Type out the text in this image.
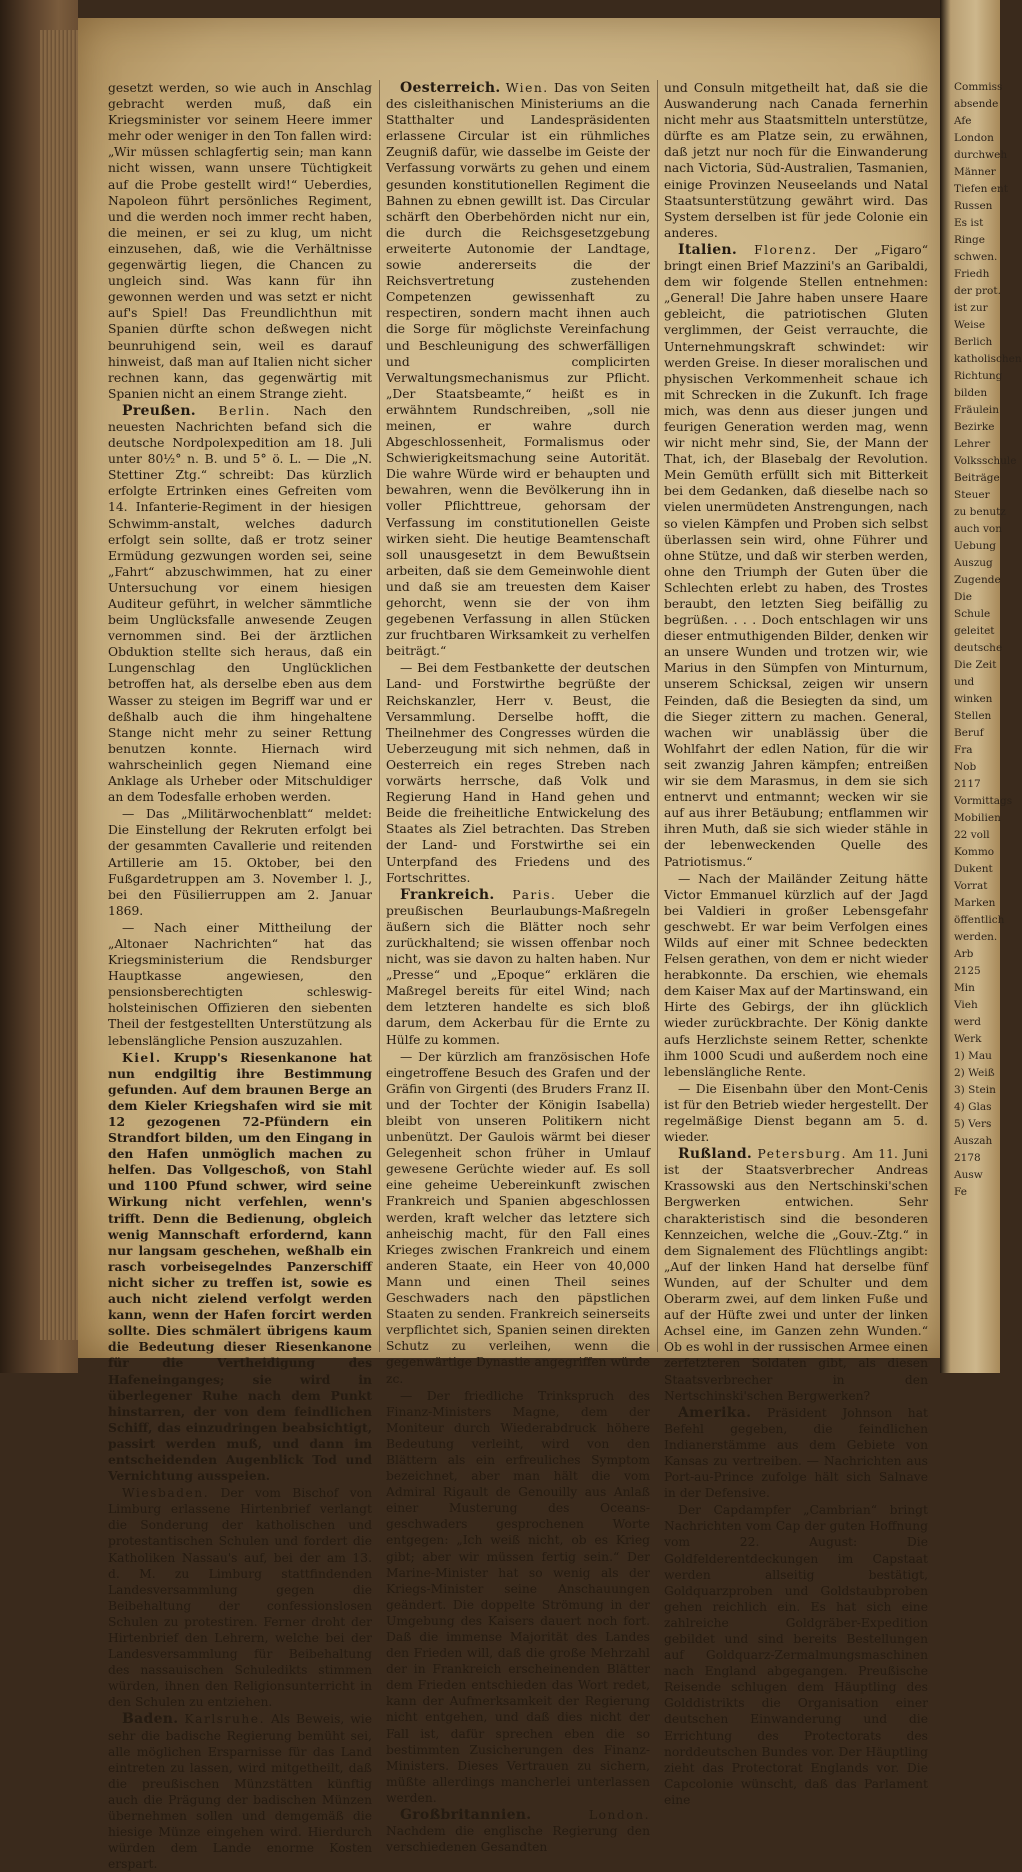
gesetzt werden, so wie auch in Anschlag gebracht werden muß, daß ein Kriegsminister vor seinem Heere immer mehr oder weniger in den Ton fallen wird: „Wir müssen schlagfertig sein; man kann nicht wissen, wann unsere Tüchtigkeit auf die Probe gestellt wird!“ Ueberdies, Napoleon führt persönliches Regiment, und die werden noch immer recht haben, die meinen, er sei zu klug, um nicht einzusehen, daß, wie die Verhältnisse gegenwärtig liegen, die Chancen zu ungleich sind. Was kann für ihn gewonnen werden und was setzt er nicht auf's Spiel! Das Freundlichthun mit Spanien dürfte schon deßwegen nicht beunruhigend sein, weil es darauf hinweist, daß man auf Italien nicht sicher rechnen kann, das gegenwärtig mit Spanien nicht an einem Strange zieht.

Preußen. Berlin. Nach den neuesten Nachrichten befand sich die deutsche Nordpolexpedition am 18. Juli unter 80½° n. B. und 5° ö. L. — Die „N. Stettiner Ztg.“ schreibt: Das kürzlich erfolgte Ertrinken eines Gefreiten vom 14. Infanterie-Regiment in der hiesigen Schwimm-anstalt, welches dadurch erfolgt sein sollte, daß er trotz seiner Ermüdung gezwungen worden sei, seine „Fahrt“ abzuschwimmen, hat zu einer Untersuchung vor einem hiesigen Auditeur geführt, in welcher sämmtliche beim Unglücksfalle anwesende Zeugen vernommen sind. Bei der ärztlichen Obduktion stellte sich heraus, daß ein Lungenschlag den Unglücklichen betroffen hat, als derselbe eben aus dem Wasser zu steigen im Begriff war und er deßhalb auch die ihm hingehaltene Stange nicht mehr zu seiner Rettung benutzen konnte. Hiernach wird wahrscheinlich gegen Niemand eine Anklage als Urheber oder Mitschuldiger an dem Todesfalle erhoben werden.

— Das „Militärwochenblatt“ meldet: Die Einstellung der Rekruten erfolgt bei der gesammten Cavallerie und reitenden Artillerie am 15. Oktober, bei den Fußgardetruppen am 3. November l. J., bei den Füsilierruppen am 2. Januar 1869.

— Nach einer Mittheilung der „Altonaer Nachrichten“ hat das Kriegsministerium die Rendsburger Hauptkasse angewiesen, den pensionsberechtigten schleswig-holsteinischen Offizieren den siebenten Theil der festgestellten Unterstützung als lebenslängliche Pension auszuzahlen.

Kiel. Krupp's Riesenkanone hat nun endgiltig ihre Bestimmung gefunden. Auf dem braunen Berge an dem Kieler Kriegshafen wird sie mit 12 gezogenen 72-Pfündern ein Strandfort bilden, um den Eingang in den Hafen unmöglich machen zu helfen. Das Vollgeschoß, von Stahl und 1100 Pfund schwer, wird seine Wirkung nicht verfehlen, wenn's trifft. Denn die Bedienung, obgleich wenig Mannschaft erfordernd, kann nur langsam geschehen, weßhalb ein rasch vorbeisegelndes Panzerschiff nicht sicher zu treffen ist, sowie es auch nicht zielend verfolgt werden kann, wenn der Hafen forcirt werden sollte. Dies schmälert übrigens kaum die Bedeutung dieser Riesenkanone für die Vertheidigung des Hafeneinganges; sie wird in überlegener Ruhe nach dem Punkt hinstarren, der von dem feindlichen Schiff, das einzudringen beabsichtigt, passirt werden muß, und dann im entscheidenden Augenblick Tod und Vernichtung ausspeien.

Wiesbaden. Der vom Bischof von Limburg erlassene Hirtenbrief verlangt die Sonderung der katholischen und protestantischen Schulen und fordert die Katholiken Nassau's auf, bei der am 13. d. M. zu Limburg stattfindenden Landesversammlung gegen die Beibehaltung der confessionslosen Schulen zu protestiren. Ferner droht der Hirtenbrief den Lehrern, welche bei der Landesversammlung für Beibehaltung des nassauischen Schuledikts stimmen würden, ihnen den Religionsunterricht in den Schulen zu entziehen.

Baden. Karlsruhe. Als Beweis, wie sehr die badische Regierung bemüht sei, alle möglichen Ersparnisse für das Land eintreten zu lassen, wird mitgetheilt, daß die preußischen Münzstätten künftig auch die Prägung der badischen Münzen übernehmen sollen und demgemäß die hiesige Münze eingehen wird. Hierdurch würden dem Lande enorme Kosten erspart.

Oesterreich. Wien. Das von Seiten des cisleithanischen Ministeriums an die Statthalter und Landespräsidenten erlassene Circular ist ein rühmliches Zeugniß dafür, wie dasselbe im Geiste der Verfassung vorwärts zu gehen und einem gesunden konstitutionellen Regiment die Bahnen zu ebnen gewillt ist. Das Circular schärft den Oberbehörden nicht nur ein, die durch die Reichsgesetzgebung erweiterte Autonomie der Landtage, sowie andererseits die der Reichsvertretung zustehenden Competenzen gewissenhaft zu respectiren, sondern macht ihnen auch die Sorge für möglichste Vereinfachung und Beschleunigung des schwerfälligen und complicirten Verwaltungsmechanismus zur Pflicht. „Der Staatsbeamte,“ heißt es in erwähntem Rundschreiben, „soll nie meinen, er wahre durch Abgeschlossenheit, Formalismus oder Schwierigkeitsmachung seine Autorität. Die wahre Würde wird er behaupten und bewahren, wenn die Bevölkerung ihn in voller Pflichttreue, gehorsam der Verfassung im constitutionellen Geiste wirken sieht. Die heutige Beamtenschaft soll unausgesetzt in dem Bewußtsein arbeiten, daß sie dem Gemeinwohle dient und daß sie am treuesten dem Kaiser gehorcht, wenn sie der von ihm gegebenen Verfassung in allen Stücken zur fruchtbaren Wirksamkeit zu verhelfen beiträgt.“

— Bei dem Festbankette der deutschen Land- und Forstwirthe begrüßte der Reichskanzler, Herr v. Beust, die Versammlung. Derselbe hofft, die Theilnehmer des Congresses würden die Ueberzeugung mit sich nehmen, daß in Oesterreich ein reges Streben nach vorwärts herrsche, daß Volk und Regierung Hand in Hand gehen und Beide die freiheitliche Entwickelung des Staates als Ziel betrachten. Das Streben der Land- und Forstwirthe sei ein Unterpfand des Friedens und des Fortschrittes.

Frankreich. Paris. Ueber die preußischen Beurlaubungs-Maßregeln äußern sich die Blätter noch sehr zurückhaltend; sie wissen offenbar noch nicht, was sie davon zu halten haben. Nur „Presse“ und „Epoque“ erklären die Maßregel bereits für eitel Wind; nach dem letzteren handelte es sich bloß darum, dem Ackerbau für die Ernte zu Hülfe zu kommen.

— Der kürzlich am französischen Hofe eingetroffene Besuch des Grafen und der Gräfin von Girgenti (des Bruders Franz II. und der Tochter der Königin Isabella) bleibt von unseren Politikern nicht unbenützt. Der Gaulois wärmt bei dieser Gelegenheit schon früher in Umlauf gewesene Gerüchte wieder auf. Es soll eine geheime Uebereinkunft zwischen Frankreich und Spanien abgeschlossen werden, kraft welcher das letztere sich anheischig macht, für den Fall eines Krieges zwischen Frankreich und einem anderen Staate, ein Heer von 40,000 Mann und einen Theil seines Geschwaders nach den päpstlichen Staaten zu senden. Frankreich seinerseits verpflichtet sich, Spanien seinen direkten Schutz zu verleihen, wenn die gegenwärtige Dynastie angegriffen würde zc.

— Der friedliche Trinkspruch des Finanz-Ministers Magne, dem der Moniteur durch Wiederabdruck höhere Bedeutung verleiht, wird von den Blättern als ein erfreuliches Symptom bezeichnet, aber man hält die vom Admiral Rigault de Genouilly aus Anlaß einer Musterung des Oceans-geschwaders gesprochenen Worte entgegen: „Ich weiß nicht, ob es Krieg gibt; aber wir müssen fertig sein.“ Der Marine-Minister hat so wenig als der Kriegs-Minister seine Anschauungen geändert. Die doppelte Strömung in der Umgebung des Kaisers dauert noch fort. Daß die immense Majorität des Landes den Frieden will, daß die große Mehrzahl der in Frankreich erscheinenden Blätter dem Frieden entschieden das Wort redet, kann der Aufmerksamkeit der Regierung nicht entgehen, und daß dies nicht der Fall ist, dafür sprechen eben die so bestimmten Zusicherungen des Finanz-Ministers. Dieses Vertrauen zu sichern, müßte allerdings mancherlei unterlassen werden.

Großbritannien.	London. Nachdem die englische Regierung den verschiedenen Gesandten

und Consuln mitgetheilt hat, daß sie die Auswanderung nach Canada fernerhin nicht mehr aus Staatsmitteln unterstütze, dürfte es am Platze sein, zu erwähnen, daß jetzt nur noch für die Einwanderung nach Victoria, Süd-Australien, Tasmanien, einige Provinzen Neuseelands und Natal Staatsunterstützung gewährt wird. Das System derselben ist für jede Colonie ein anderes.

Italien. Florenz. Der „Figaro“ bringt einen Brief Mazzini's an Garibaldi, dem wir folgende Stellen entnehmen: „General! Die Jahre haben unsere Haare gebleicht, die patriotischen Gluten verglimmen, der Geist verrauchte, die Unternehmungskraft schwindet: wir werden Greise. In dieser moralischen und physischen Verkommenheit schaue ich mit Schrecken in die Zukunft. Ich frage mich, was denn aus dieser jungen und feurigen Generation werden mag, wenn wir nicht mehr sind, Sie, der Mann der That, ich, der Blasebalg der Revolution. Mein Gemüth erfüllt sich mit Bitterkeit bei dem Gedanken, daß dieselbe nach so vielen unermüdeten Anstrengungen, nach so vielen Kämpfen und Proben sich selbst überlassen sein wird, ohne Führer und ohne Stütze, und daß wir sterben werden, ohne den Triumph der Guten über die Schlechten erlebt zu haben, des Trostes beraubt, den letzten Sieg beifällig zu begrüßen. . . . Doch entschlagen wir uns dieser entmuthigenden Bilder, denken wir an unsere Wunden und trotzen wir, wie Marius in den Sümpfen von Minturnum, unserem Schicksal, zeigen wir unsern Feinden, daß die Besiegten da sind, um die Sieger zittern zu machen. General, wachen wir unablässig über die Wohlfahrt der edlen Nation, für die wir seit zwanzig Jahren kämpfen; entreißen wir sie dem Marasmus, in dem sie sich entnervt und entmannt; wecken wir sie auf aus ihrer Betäubung; entflammen wir ihren Muth, daß sie sich wieder stähle in der lebenweckenden Quelle des Patriotismus.“

— Nach der Mailänder Zeitung hätte Victor Emmanuel kürzlich auf der Jagd bei Valdieri in großer Lebensgefahr geschwebt. Er war beim Verfolgen eines Wilds auf einer mit Schnee bedeckten Felsen gerathen, von dem er nicht wieder herabkonnte. Da erschien, wie ehemals dem Kaiser Max auf der Martinswand, ein Hirte des Gebirgs, der ihn glücklich wieder zurückbrachte. Der König dankte aufs Herzlichste seinem Retter, schenkte ihm 1000 Scudi und außerdem noch eine lebenslängliche Rente.

— Die Eisenbahn über den Mont-Cenis ist für den Betrieb wieder hergestellt. Der regelmäßige Dienst begann am 5. d. wieder.

Rußland. Petersburg. Am 11. Juni ist der Staatsverbrecher Andreas Krassowski aus den Nertschinski'schen Bergwerken entwichen. Sehr charakteristisch sind die besonderen Kennzeichen, welche die „Gouv.-Ztg.“ in dem Signalement des Flüchtlings angibt: „Auf der linken Hand hat derselbe fünf Wunden, auf der Schulter und dem Oberarm zwei, auf dem linken Fuße und auf der Hüfte zwei und unter der linken Achsel eine, im Ganzen zehn Wunden.“ Ob es wohl in der russischen Armee einen zerfetzteren Soldaten gibt, als diesen Staatsverbrecher in den Nertschinski'schen Bergwerken?

Amerika. Präsident Johnson hat Befehl gegeben, die feindlichen Indianerstämme aus dem Gebiete von Kansas zu vertreiben. — Nachrichten aus Port-au-Prince zufolge hält sich Salnave in der Defensive.

Der Capdampfer „Cambrian“ bringt Nachrichten vom Cap der guten Hoffnung vom 22. August: Die Goldfelderentdeckungen im Capstaat werden allseitig bestätigt, Goldquarzproben und Goldstaubproben gehen reichlich ein. Es hat sich eine zahlreiche Goldgräber-Expedition gebildet und sind bereits Bestellungen auf Goldquarz-Zermalmungsmaschinen nach England abgegangen. Preußische Reisende schlugen dem Häuptling des Golddistrikts die Organisation einer deutschen Einwanderung und die Errichtung des Protectorats des norddeutschen Bundes vor. Der Häuptling zieht das Protectorat Englands vor. Die Capcolonie wünscht, daß das Parlament eine

Commiss
absende
Afe
London
durchweh
Männer
Tiefen ent
Russen
Es ist
Ringe
schwen.
Friedh
der prot.
ist zur
Weise
Berlich
katholischen
Richtung
bilden
Fräulein
Bezirke
Lehrer
Volksschule
Beiträge
Steuer
zu benutz
auch von
Uebung
Auszug
Zugende
Die
Schule
geleitet
deutsche
Die Zeit
und
winken
Stellen
Beruf
Fra
Nob
2117
Vormittags
Mobilien
22 voll
Kommo
Dukent
Vorrat
Marken
öffentlich
werden.
Arb
2125
Min
Vieh
werd
Werk
1) Mau
2) Weiß
3) Stein
4) Glas
5) Vers
Auszah
2178
Ausw
Fe
